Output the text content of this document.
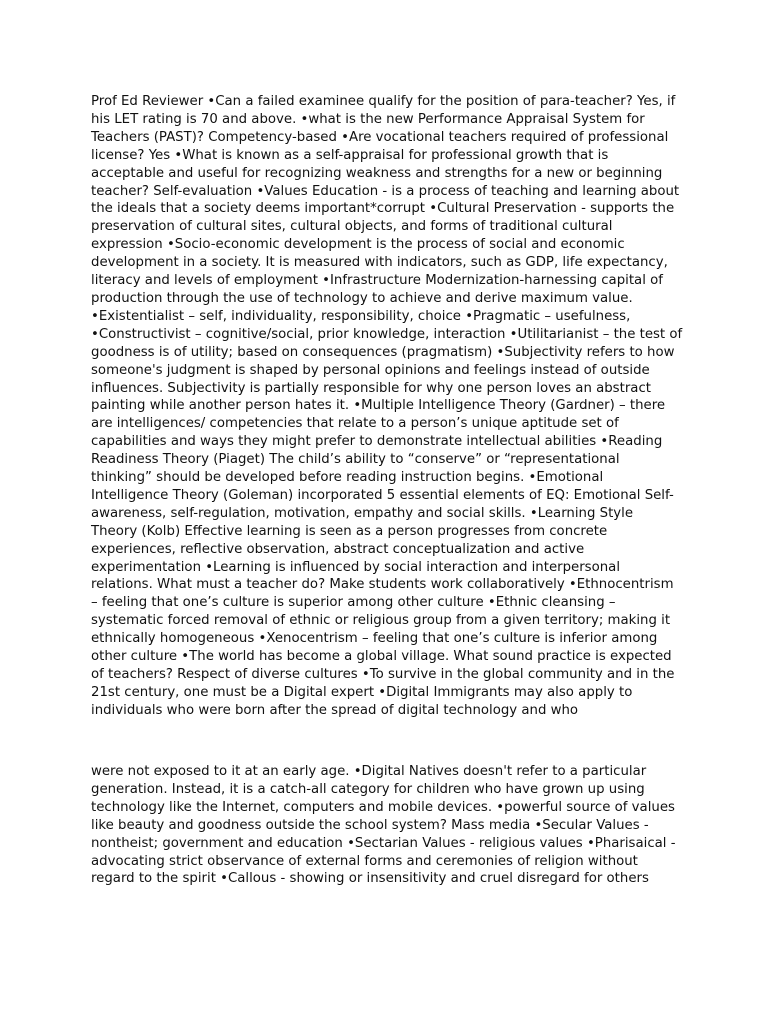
Prof Ed Reviewer •Can a failed examinee qualify for the position of para-teacher? Yes, if his LET rating is 70 and above. •what is the new Performance Appraisal System for Teachers (PAST)? Competency-based •Are vocational teachers required of professional license? Yes •What is known as a self-appraisal for professional growth that is acceptable and useful for recognizing weakness and strengths for a new or beginning teacher? Self-evaluation •Values Education - is a process of teaching and learning about the ideals that a society deems important*corrupt •Cultural Preservation - supports the preservation of cultural sites, cultural objects, and forms of traditional cultural expression •Socio-economic development is the process of social and economic development in a society. It is measured with indicators, such as GDP, life expectancy, literacy and levels of employment •Infrastructure Modernization-harnessing capital of production through the use of technology to achieve and derive maximum value. •Existentialist – self, individuality, responsibility, choice •Pragmatic – usefulness, •Constructivist – cognitive/social, prior knowledge, interaction •Utilitarianist – the test of goodness is of utility; based on consequences (pragmatism) •Subjectivity refers to how someone's judgment is shaped by personal opinions and feelings instead of outside influences. Subjectivity is partially responsible for why one person loves an abstract painting while another person hates it. •Multiple Intelligence Theory (Gardner) – there are intelligences/ competencies that relate to a person’s unique aptitude set of capabilities and ways they might prefer to demonstrate intellectual abilities •Reading Readiness Theory (Piaget) The child’s ability to “conserve” or “representational thinking” should be developed before reading instruction begins. •Emotional Intelligence Theory (Goleman) incorporated 5 essential elements of EQ: Emotional Self-awareness, self-regulation, motivation, empathy and social skills. •Learning Style Theory (Kolb) Effective learning is seen as a person progresses from concrete experiences, reflective observation, abstract conceptualization and active experimentation •Learning is influenced by social interaction and interpersonal relations. What must a teacher do? Make students work collaboratively •Ethnocentrism – feeling that one’s culture is superior among other culture •Ethnic cleansing – systematic forced removal of ethnic or religious group from a given territory; making it ethnically homogeneous •Xenocentrism – feeling that one’s culture is inferior among other culture •The world has become a global village. What sound practice is expected of teachers? Respect of diverse cultures •To survive in the global community and in the 21st century, one must be a Digital expert •Digital Immigrants may also apply to individuals who were born after the spread of digital technology and who

were not exposed to it at an early age. •Digital Natives doesn't refer to a particular generation. Instead, it is a catch-all category for children who have grown up using technology like the Internet, computers and mobile devices. •powerful source of values like beauty and goodness outside the school system? Mass media •Secular Values - nontheist; government and education •Sectarian Values - religious values •Pharisaical - advocating strict observance of external forms and ceremonies of religion without regard to the spirit •Callous - showing or insensitivity and cruel disregard for others
